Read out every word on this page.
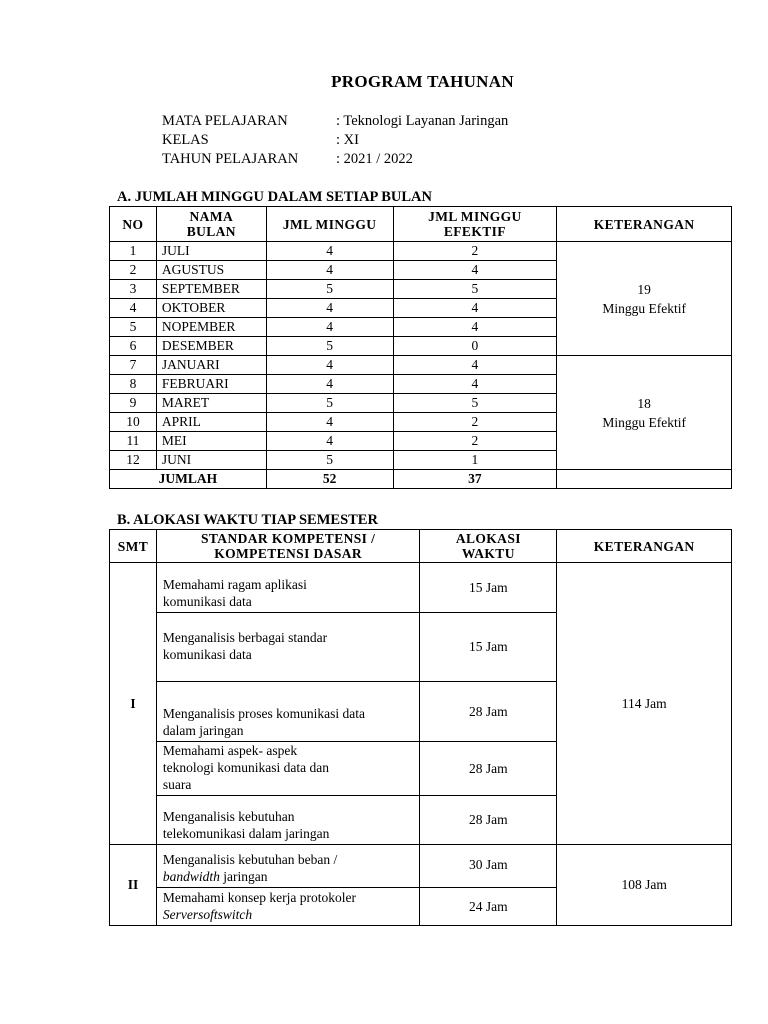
PROGRAM TAHUNAN
MATA PELAJARAN	: Teknologi Layanan Jaringan
KELAS	: XI
TAHUN PELAJARAN	: 2021 / 2022
A. JUMLAH MINGGU DALAM SETIAP BULAN
NO	NAMA BULAN	JML MINGGU	JML MINGGU EFEKTIF	KETERANGAN
1	JULI	4	2	19
Minggu Efektif

2	AGUSTUS	4	4	
3	SEPTEMBER	5	5	
4	OKTOBER	4	4	
5	NOPEMBER	4	4	
6	DESEMBER	5	0	
7	JANUARI	4	4	18
Minggu Efektif

8	FEBRUARI	4	4	
9	MARET	5	5	
10	APRIL	4	2	
11	MEI	4	2	
12	JUNI	5	1	
JUMLAH		52	37	
B. ALOKASI WAKTU TIAP SEMESTER
SMT	STANDAR KOMPETENSI / KOMPETENSI DASAR	ALOKASI WAKTU	KETERANGAN
I	Memahami ragam aplikasi
komunikasi data	15 Jam	114 Jam

	Menganalisis berbagai standar
komunikasi data	15 Jam	

	Menganalisis proses komunikasi data
dalam jaringan	28 Jam	

	Memahami aspek- aspek
teknologi komunikasi data dan
suara	28 Jam	

	Menganalisis kebutuhan
telekomunikasi dalam jaringan	28 Jam	
II	Menganalisis kebutuhan beban /
bandwidth jaringan	30 Jam	108 Jam

	Memahami konsep kerja protokoler
Serversoftswitch	24 Jam	
